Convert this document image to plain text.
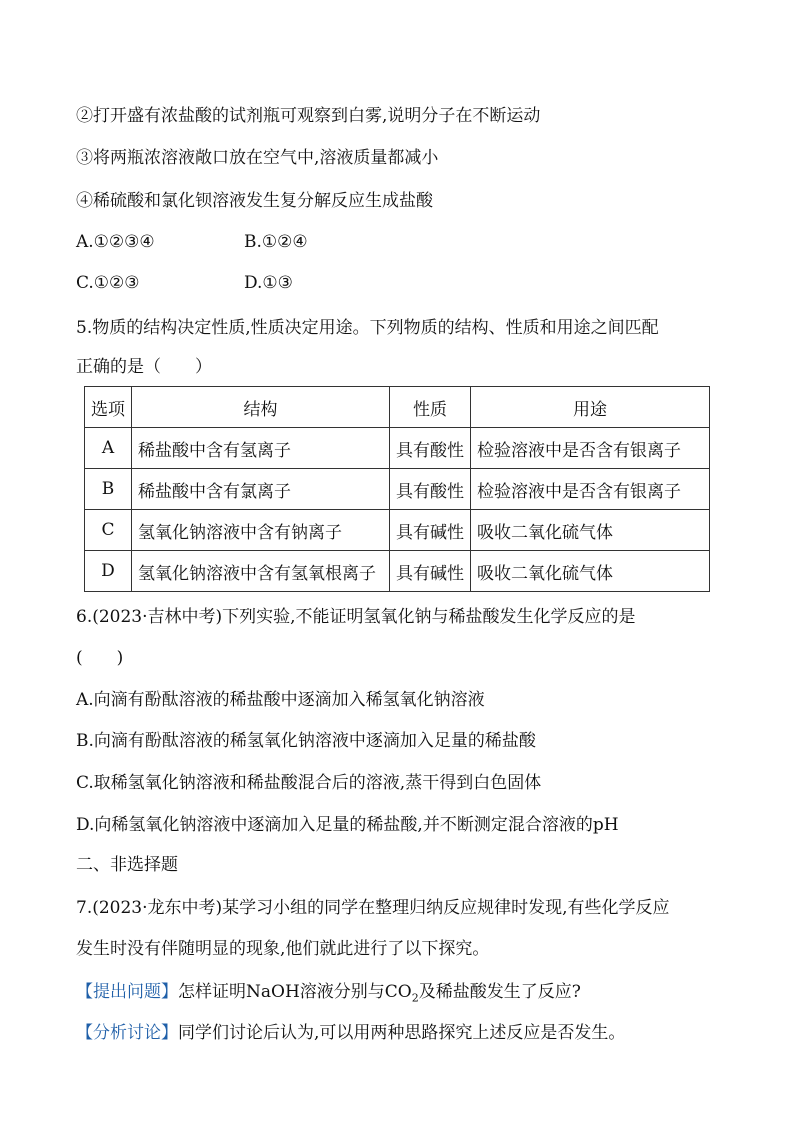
②打开盛有浓盐酸的试剂瓶可观察到白雾,说明分子在不断运动
③将两瓶浓溶液敞口放在空气中,溶液质量都减小
④稀硫酸和氯化钡溶液发生复分解反应生成盐酸
A.①②③④	B.①②④
C.①②③	D.①③
5.物质的结构决定性质,性质决定用途。下列物质的结构、性质和用途之间匹配
正确的是（　　）
选项	结构	性质	用途
A	稀盐酸中含有氢离子	具有酸性	检验溶液中是否含有银离子
B	稀盐酸中含有氯离子	具有酸性	检验溶液中是否含有银离子
C	氢氧化钠溶液中含有钠离子	具有碱性	吸收二氧化硫气体
D	氢氧化钠溶液中含有氢氧根离子	具有碱性	吸收二氧化硫气体
6.(2023·吉林中考)下列实验,不能证明氢氧化钠与稀盐酸发生化学反应的是
(　　)
A.向滴有酚酞溶液的稀盐酸中逐滴加入稀氢氧化钠溶液
B.向滴有酚酞溶液的稀氢氧化钠溶液中逐滴加入足量的稀盐酸
C.取稀氢氧化钠溶液和稀盐酸混合后的溶液,蒸干得到白色固体
D.向稀氢氧化钠溶液中逐滴加入足量的稀盐酸,并不断测定混合溶液的pH
二、非选择题
7.(2023·龙东中考)某学习小组的同学在整理归纳反应规律时发现,有些化学反应
发生时没有伴随明显的现象,他们就此进行了以下探究。
【提出问题】怎样证明NaOH溶液分别与$CO_2$及稀盐酸发生了反应?
【分析讨论】同学们讨论后认为,可以用两种思路探究上述反应是否发生。
